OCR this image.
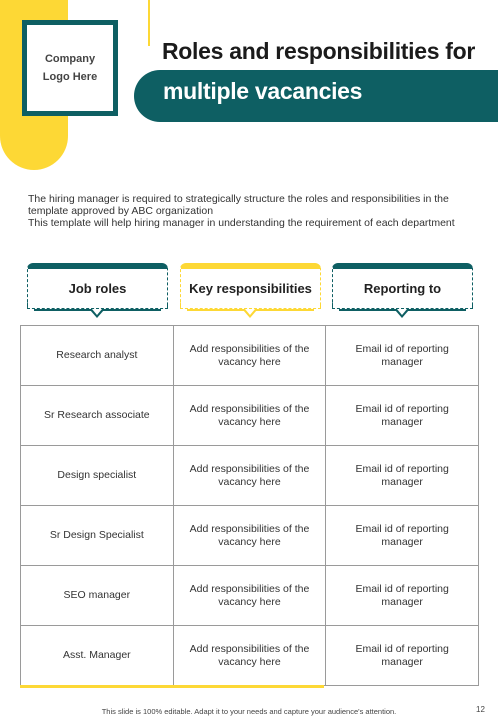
Company
Logo Here
Roles and responsibilities for
multiple vacancies

The hiring manager is required to strategically structure the roles and responsibilities in the template approved by ABC organization

This template will help hiring manager in understanding the requirement of each department

Job roles	Key responsibilities	Reporting to
Research analyst	Add responsibilities of the vacancy here	Email id of reporting manager
Sr Research associate	Add responsibilities of the vacancy here	Email id of reporting manager
Design specialist	Add responsibilities of the vacancy here	Email id of reporting manager
Sr Design Specialist	Add responsibilities of the vacancy here	Email id of reporting manager
SEO manager	Add responsibilities of the vacancy here	Email id of reporting manager
Asst. Manager	Add responsibilities of the vacancy here	Email id of reporting manager
This slide is 100% editable. Adapt it to your needs and capture your audience's attention.	12
